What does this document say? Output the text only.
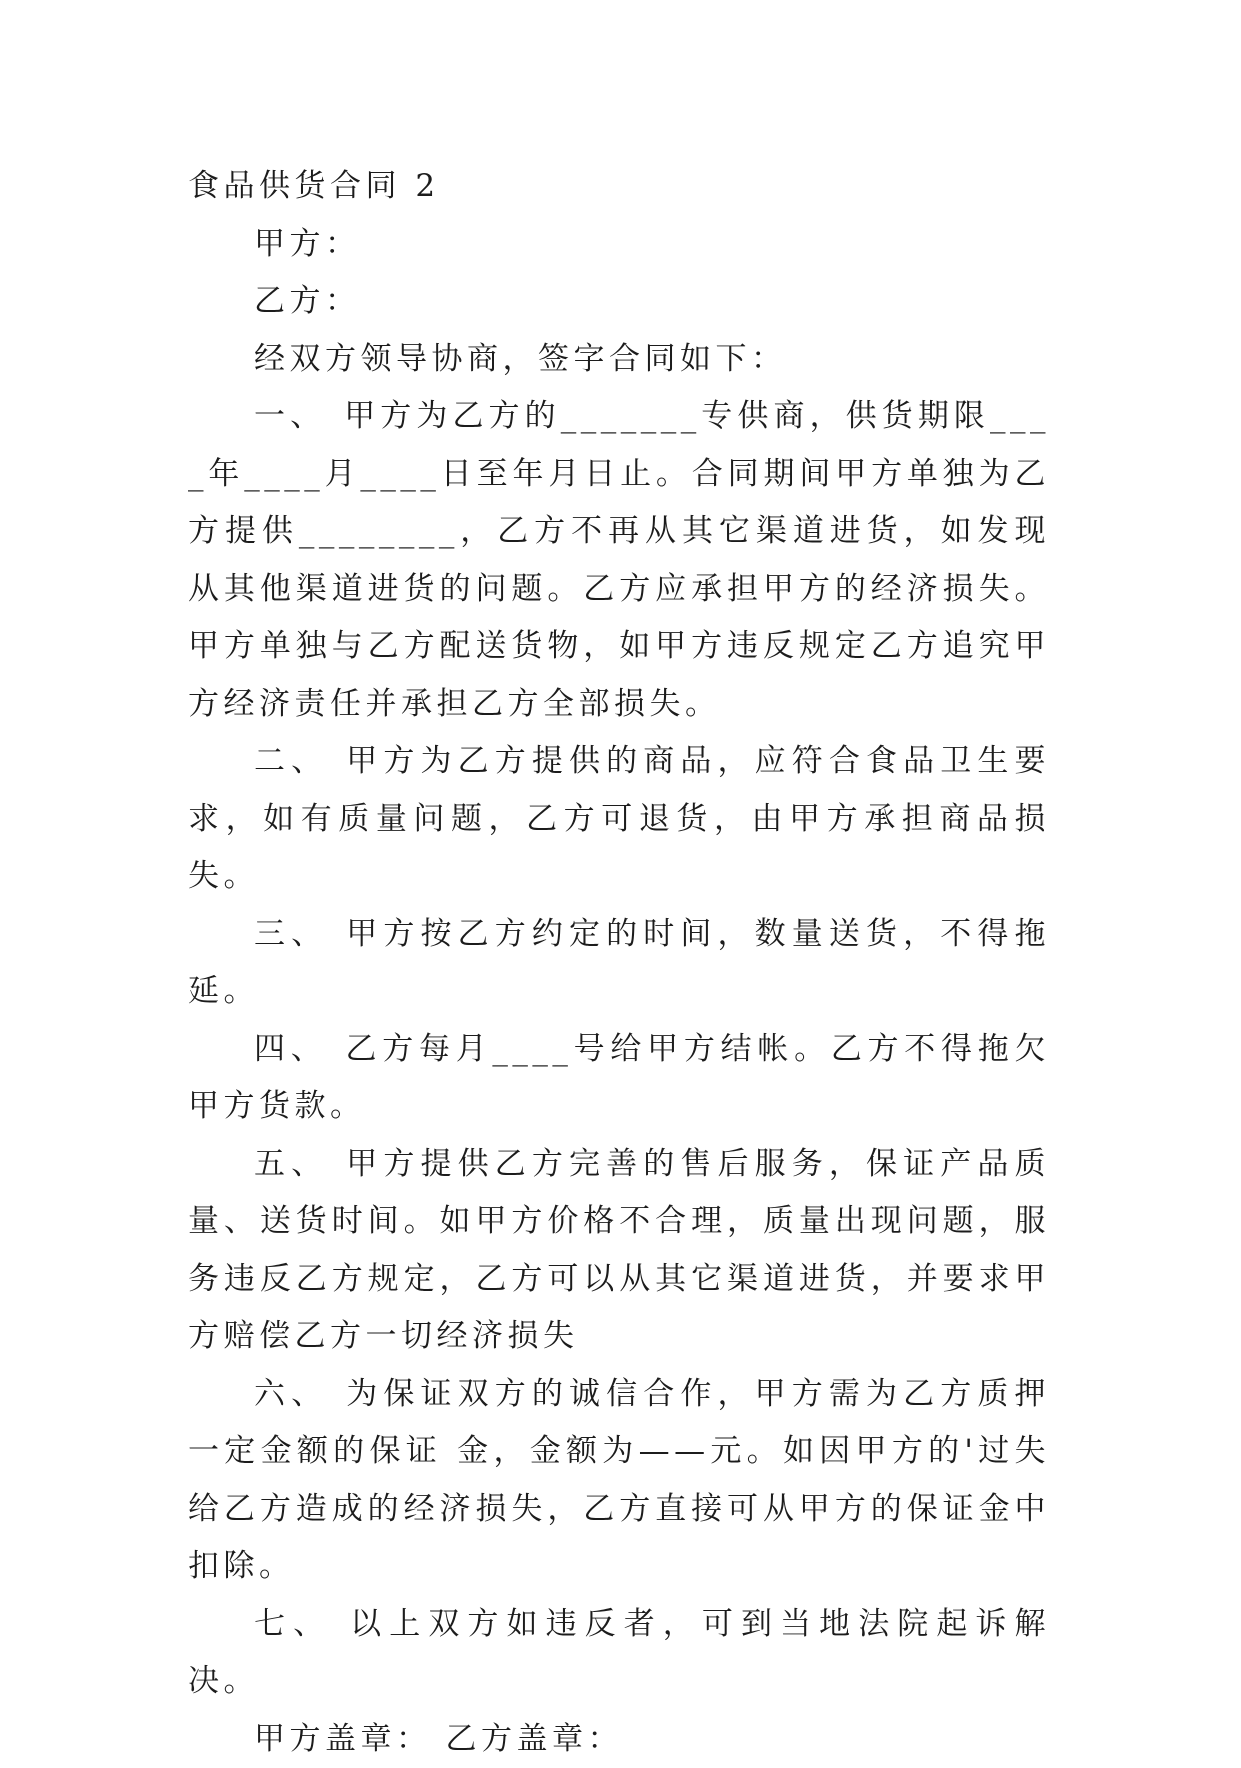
食品供货合同 2

甲方：

乙方：

经双方领导协商，签字合同如下：

一、 甲方为乙方的_______专供商，供货期限____年____月____日至年月日止。合同期间甲方单独为乙方提供________，乙方不再从其它渠道进货，如发现从其他渠道进货的问题。乙方应承担甲方的经济损失。甲方单独与乙方配送货物，如甲方违反规定乙方追究甲方经济责任并承担乙方全部损失。

二、 甲方为乙方提供的商品，应符合食品卫生要求，如有质量问题，乙方可退货，由甲方承担商品损失。

三、 甲方按乙方约定的时间，数量送货，不得拖延。

四、 乙方每月____号给甲方结帐。乙方不得拖欠甲方货款。

五、 甲方提供乙方完善的售后服务，保证产品质量、送货时间。如甲方价格不合理，质量出现问题，服务违反乙方规定，乙方可以从其它渠道进货，并要求甲方赔偿乙方一切经济损失

六、 为保证双方的诚信合作，甲方需为乙方质押一定金额的保证 金，金额为——元。如因甲方的'过失给乙方造成的经济损失，乙方直接可从甲方的保证金中扣除。

七、 以上双方如违反者，可到当地法院起诉解决。

甲方盖章： 乙方盖章：
